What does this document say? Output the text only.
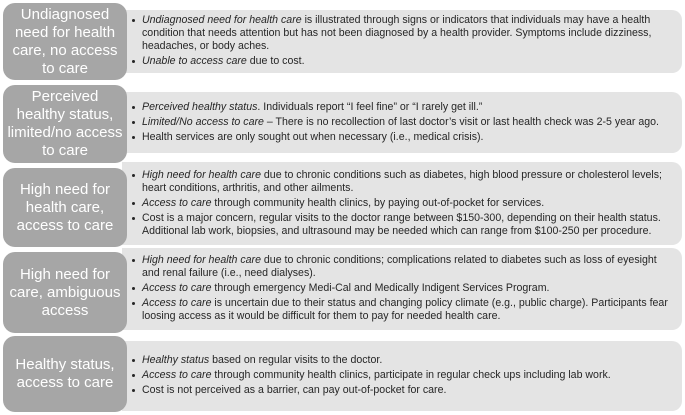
Undiagnosed need for health care, no access to care
Undiagnosed need for health care is illustrated through signs or indicators that individuals may have a health condition that needs attention but has not been diagnosed by a health provider. Symptoms include dizziness, headaches, or body aches.
Unable to access care due to cost.
Perceived healthy status, limited/no access to care
Perceived healthy status. Individuals report “I feel fine” or “I rarely get ill.”
Limited/No access to care – There is no recollection of last doctor’s visit or last health check was 2-5 year ago.
Health services are only sought out when necessary (i.e., medical crisis).
High need for health care, access to care
High need for health care due to chronic conditions such as diabetes, high blood pressure or cholesterol levels; heart conditions, arthritis, and other ailments.
Access to care through community health clinics, by paying out-of-pocket for services.
Cost is a major concern, regular visits to the doctor range between $150-300, depending on their health status. Additional lab work, biopsies, and ultrasound may be needed which can range from $100-250 per procedure.
High need for care, ambiguous access
High need for health care due to chronic conditions; complications related to diabetes such as loss of eyesight and renal failure (i.e., need dialyses).
Access to care through emergency Medi-Cal and Medically Indigent Services Program.
Access to care is uncertain due to their status and changing policy climate (e.g., public charge). Participants fear loosing access as it would be difficult for them to pay for needed health care.
Healthy status, access to care
Healthy status based on regular visits to the doctor.
Access to care through community health clinics, participate in regular check ups including lab work.
Cost is not perceived as a barrier, can pay out-of-pocket for care.
